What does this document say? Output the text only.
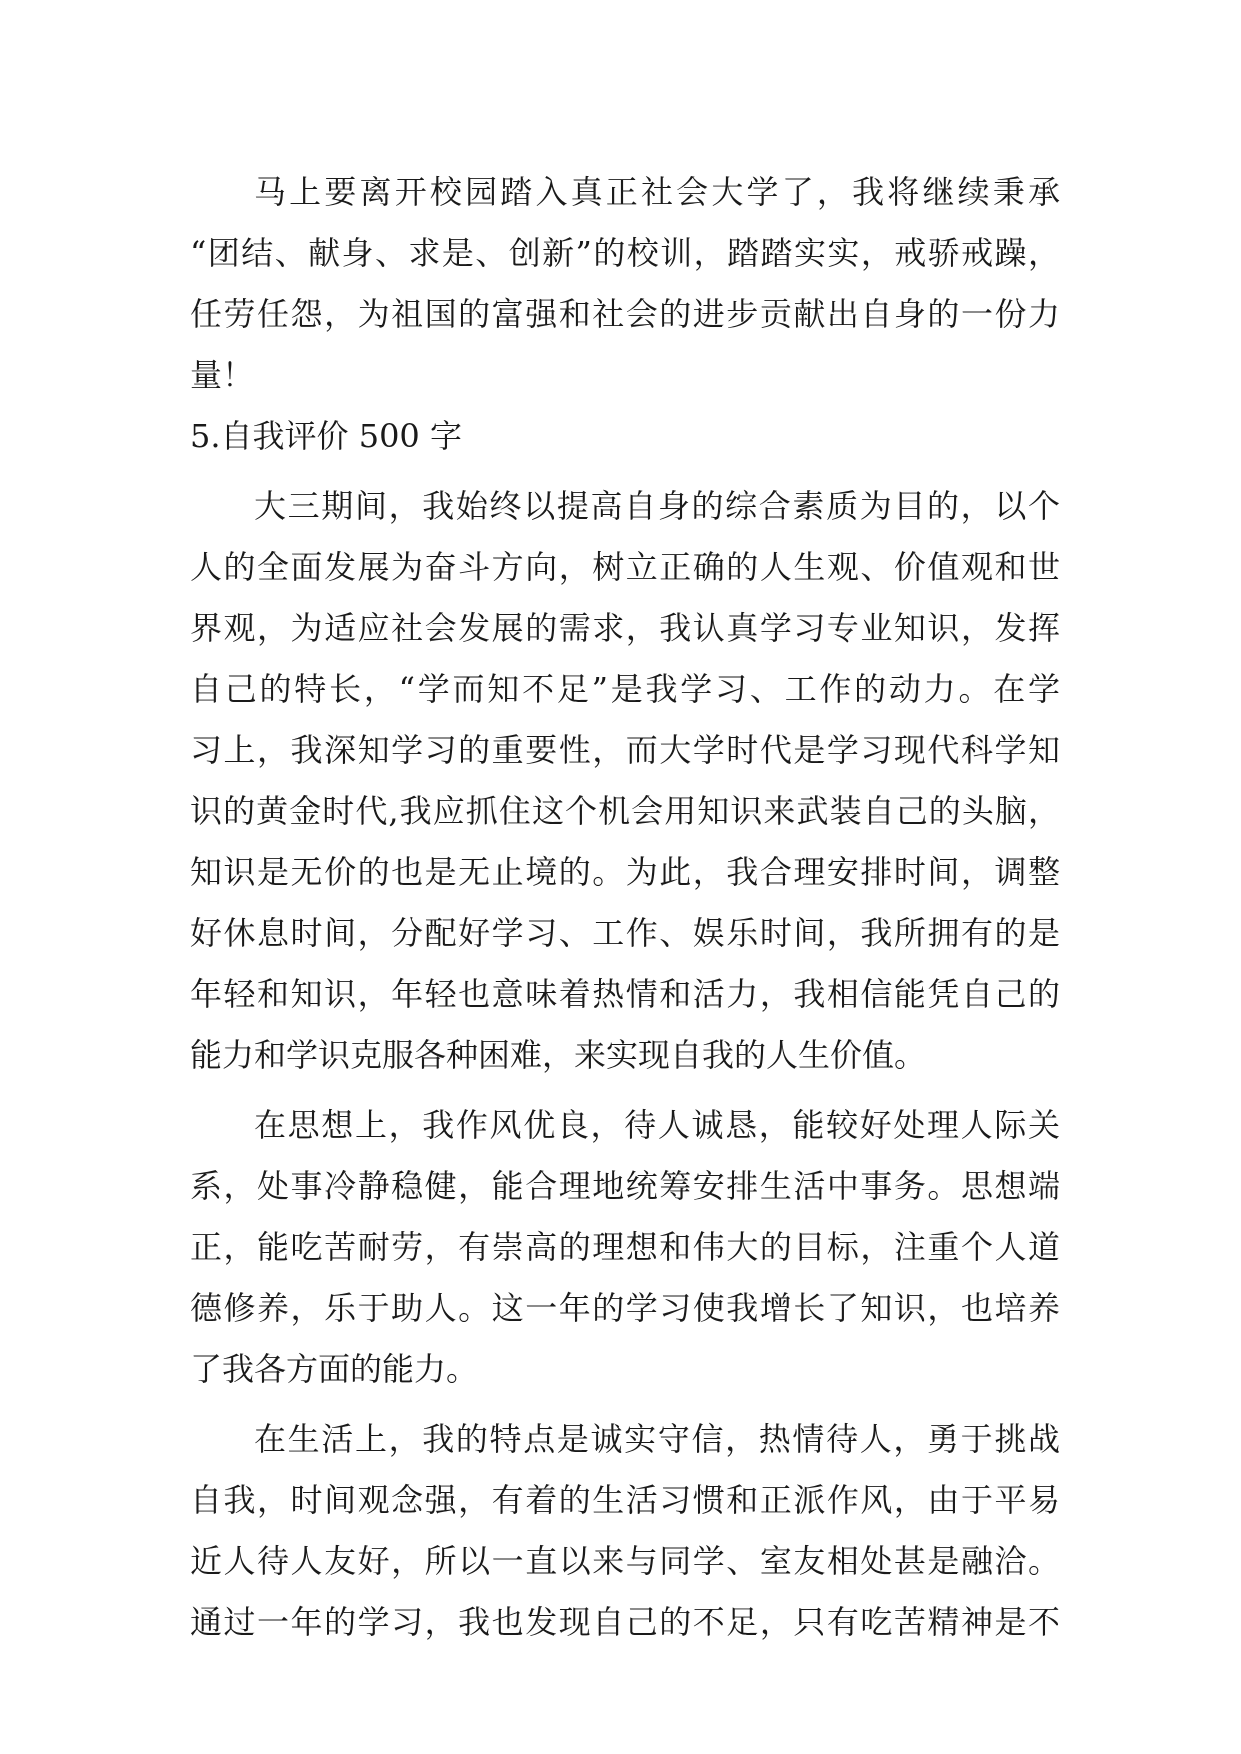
马上要离开校园踏入真正社会大学了，我将继续秉承
“团结、献身、求是、创新”的校训，踏踏实实，戒骄戒躁，
任劳任怨，为祖国的富强和社会的进步贡献出自身的一份力
量！
5.自我评价 500 字
大三期间，我始终以提高自身的综合素质为目的，以个
人的全面发展为奋斗方向，树立正确的人生观、价值观和世
界观，为适应社会发展的需求，我认真学习专业知识，发挥
自己的特长，“学而知不足”是我学习、工作的动力。在学
习上，我深知学习的重要性，而大学时代是学习现代科学知
识的黄金时代,我应抓住这个机会用知识来武装自己的头脑，
知识是无价的也是无止境的。为此，我合理安排时间，调整
好休息时间，分配好学习、工作、娱乐时间，我所拥有的是
年轻和知识，年轻也意味着热情和活力，我相信能凭自己的
能力和学识克服各种困难，来实现自我的人生价值。
在思想上，我作风优良，待人诚恳，能较好处理人际关
系，处事冷静稳健，能合理地统筹安排生活中事务。思想端
正，能吃苦耐劳，有崇高的理想和伟大的目标，注重个人道
德修养，乐于助人。这一年的学习使我增长了知识，也培养
了我各方面的能力。
在生活上，我的特点是诚实守信，热情待人，勇于挑战
自我，时间观念强，有着的生活习惯和正派作风，由于平易
近人待人友好，所以一直以来与同学、室友相处甚是融洽。
通过一年的学习，我也发现自己的不足，只有吃苦精神是不
